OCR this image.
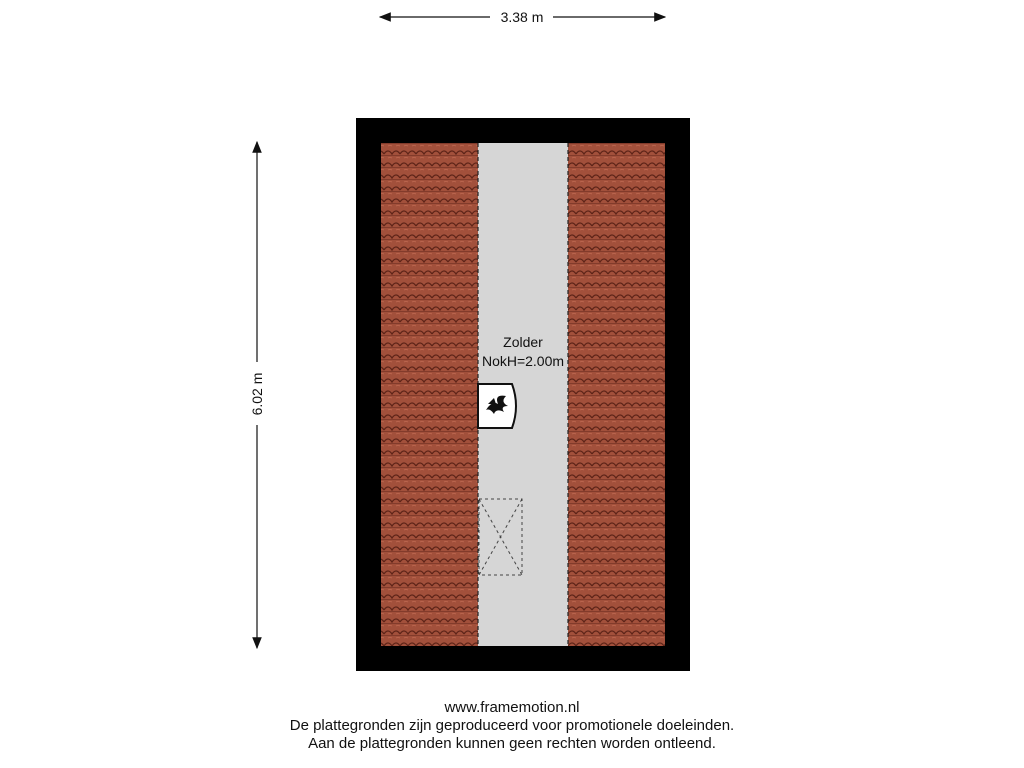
3.38 m
6.02 m
Zolder
NokH=2.00m
www.framemotion.nl
De plattegronden zijn geproduceerd voor promotionele doeleinden.
Aan de plattegronden kunnen geen rechten worden ontleend.
